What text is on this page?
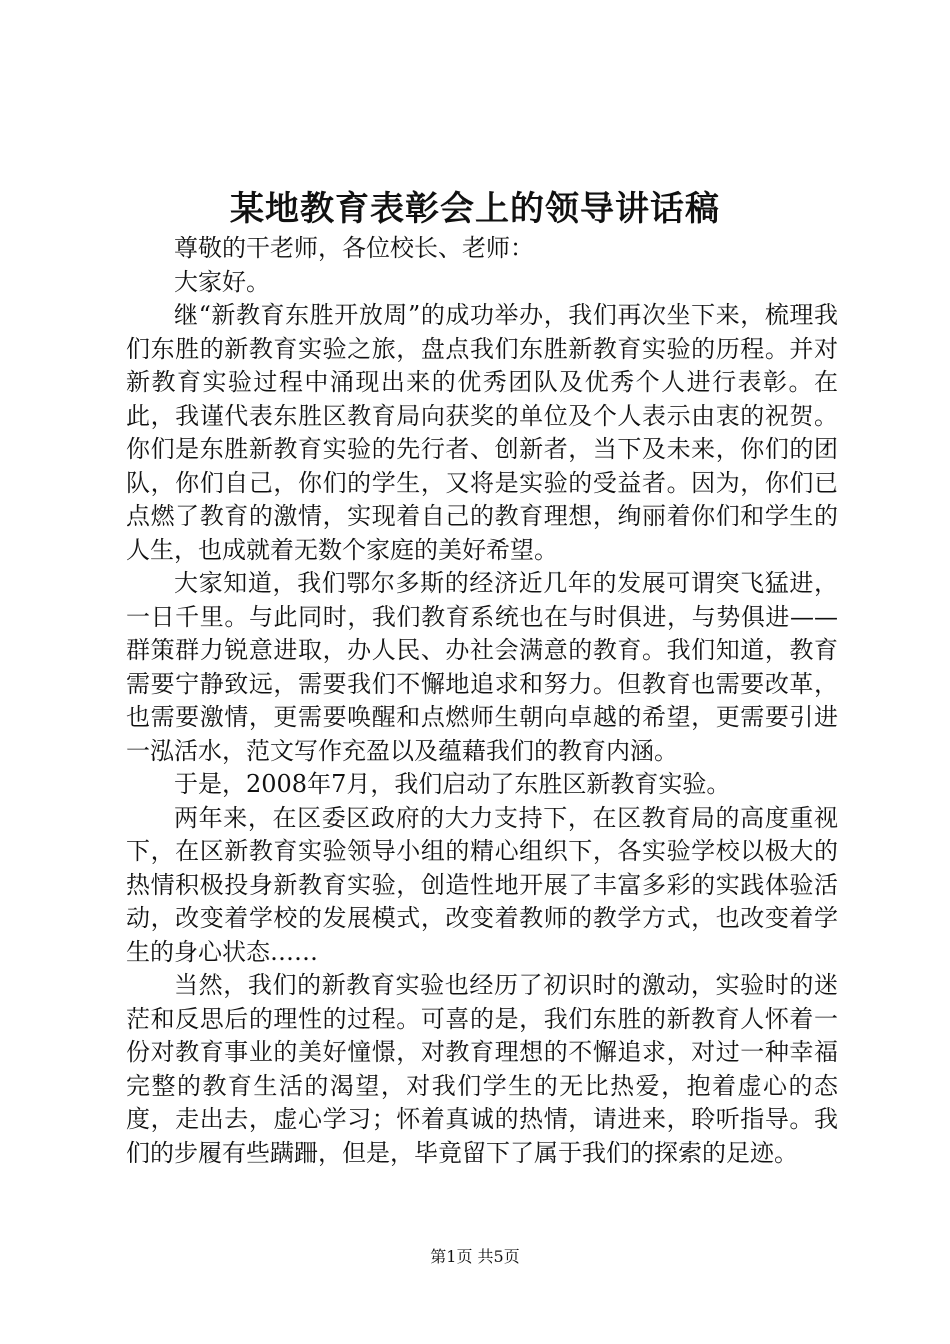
某地教育表彰会上的领导讲话稿

尊敬的干老师，各位校长、老师：

大家好。

继“新教育东胜开放周”的成功举办，我们再次坐下来，梳理我们东胜的新教育实验之旅，盘点我们东胜新教育实验的历程。并对新教育实验过程中涌现出来的优秀团队及优秀个人进行表彰。在此，我谨代表东胜区教育局向获奖的单位及个人表示由衷的祝贺。你们是东胜新教育实验的先行者、创新者，当下及未来，你们的团队，你们自己，你们的学生，又将是实验的受益者。因为，你们已点燃了教育的激情，实现着自己的教育理想，绚丽着你们和学生的人生，也成就着无数个家庭的美好希望。

大家知道，我们鄂尔多斯的经济近几年的发展可谓突飞猛进，一日千里。与此同时，我们教育系统也在与时俱进，与势俱进——群策群力锐意进取，办人民、办社会满意的教育。我们知道，教育需要宁静致远，需要我们不懈地追求和努力。但教育也需要改革，也需要激情，更需要唤醒和点燃师生朝向卓越的希望，更需要引进一泓活水，范文写作充盈以及蕴藉我们的教育内涵。

于是，2008年7月，我们启动了东胜区新教育实验。

两年来，在区委区政府的大力支持下，在区教育局的高度重视下，在区新教育实验领导小组的精心组织下，各实验学校以极大的热情积极投身新教育实验，创造性地开展了丰富多彩的实践体验活动，改变着学校的发展模式，改变着教师的教学方式，也改变着学生的身心状态……

当然，我们的新教育实验也经历了初识时的激动，实验时的迷茫和反思后的理性的过程。可喜的是，我们东胜的新教育人怀着一份对教育事业的美好憧憬，对教育理想的不懈追求，对过一种幸福完整的教育生活的渴望，对我们学生的无比热爱，抱着虚心的态度，走出去，虚心学习；怀着真诚的热情，请进来，聆听指导。我们的步履有些蹒跚，但是，毕竟留下了属于我们的探索的足迹。

第1页 共5页
